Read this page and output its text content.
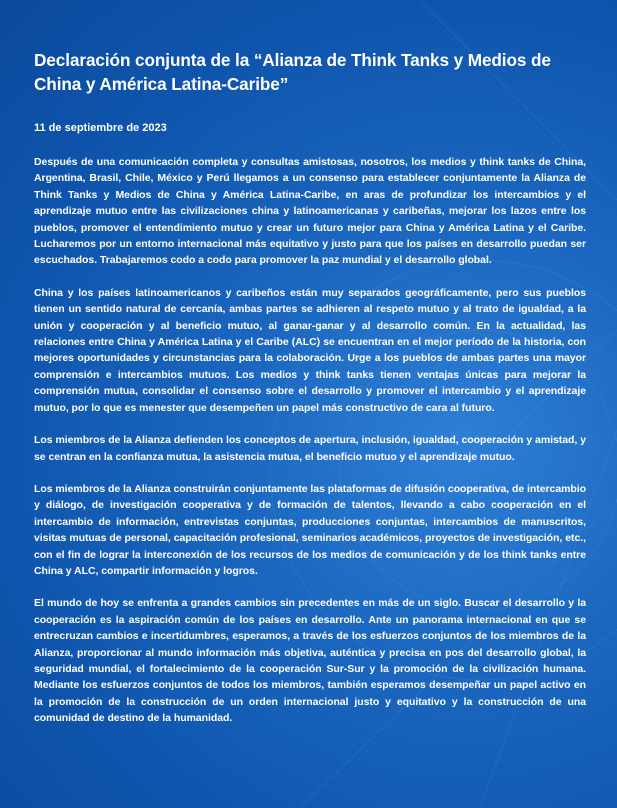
Declaración conjunta de la “Alianza de Think Tanks y Medios de China y América Latina-Caribe”
11 de septiembre de 2023

Después de una comunicación completa y consultas amistosas, nosotros, los medios y think tanks de China, Argentina, Brasil, Chile, México y Perú llegamos a un consenso para establecer conjuntamente la Alianza de Think Tanks y Medios de China y América Latina-Caribe, en aras de profundizar los intercambios y el aprendizaje mutuo entre las civilizaciones china y latinoamericanas y caribeñas, mejorar los lazos entre los pueblos, promover el entendimiento mutuo y crear un futuro mejor para China y América Latina y el Caribe. Lucharemos por un entorno internacional más equitativo y justo para que los países en desarrollo puedan ser escuchados. Trabajaremos codo a codo para promover la paz mundial y el desarrollo global.

China y los países latinoamericanos y caribeños están muy separados geográficamente, pero sus pueblos tienen un sentido natural de cercanía, ambas partes se adhieren al respeto mutuo y al trato de igualdad, a la unión y cooperación y al beneficio mutuo, al ganar-ganar y al desarrollo común. En la actualidad, las relaciones entre China y América Latina y el Caribe (ALC) se encuentran en el mejor período de la historia, con mejores oportunidades y circunstancias para la colaboración. Urge a los pueblos de ambas partes una mayor comprensión e intercambios mutuos. Los medios y think tanks tienen ventajas únicas para mejorar la comprensión mutua, consolidar el consenso sobre el desarrollo y promover el intercambio y el aprendizaje mutuo, por lo que es menester que desempeñen un papel más constructivo de cara al futuro.

Los miembros de la Alianza defienden los conceptos de apertura, inclusión, igualdad, cooperación y amistad, y se centran en la confianza mutua, la asistencia mutua, el beneficio mutuo y el aprendizaje mutuo.

Los miembros de la Alianza construirán conjuntamente las plataformas de difusión cooperativa, de intercambio y diálogo, de investigación cooperativa y de formación de talentos, llevando a cabo cooperación en el intercambio de información, entrevistas conjuntas, producciones conjuntas, intercambios de manuscritos, visitas mutuas de personal, capacitación profesional, seminarios académicos, proyectos de investigación, etc., con el fin de lograr la interconexión de los recursos de los medios de comunicación y de los think tanks entre China y ALC, compartir información y logros.

El mundo de hoy se enfrenta a grandes cambios sin precedentes en más de un siglo. Buscar el desarrollo y la cooperación es la aspiración común de los países en desarrollo. Ante un panorama internacional en que se entrecruzan cambios e incertidumbres, esperamos, a través de los esfuerzos conjuntos de los miembros de la Alianza, proporcionar al mundo información más objetiva, auténtica y precisa en pos del desarrollo global, la seguridad mundial, el fortalecimiento de la cooperación Sur-Sur y la promoción de la civilización humana. Mediante los esfuerzos conjuntos de todos los miembros, también esperamos desempeñar un papel activo en la promoción de la construcción de un orden internacional justo y equitativo y la construcción de una comunidad de destino de la humanidad.
